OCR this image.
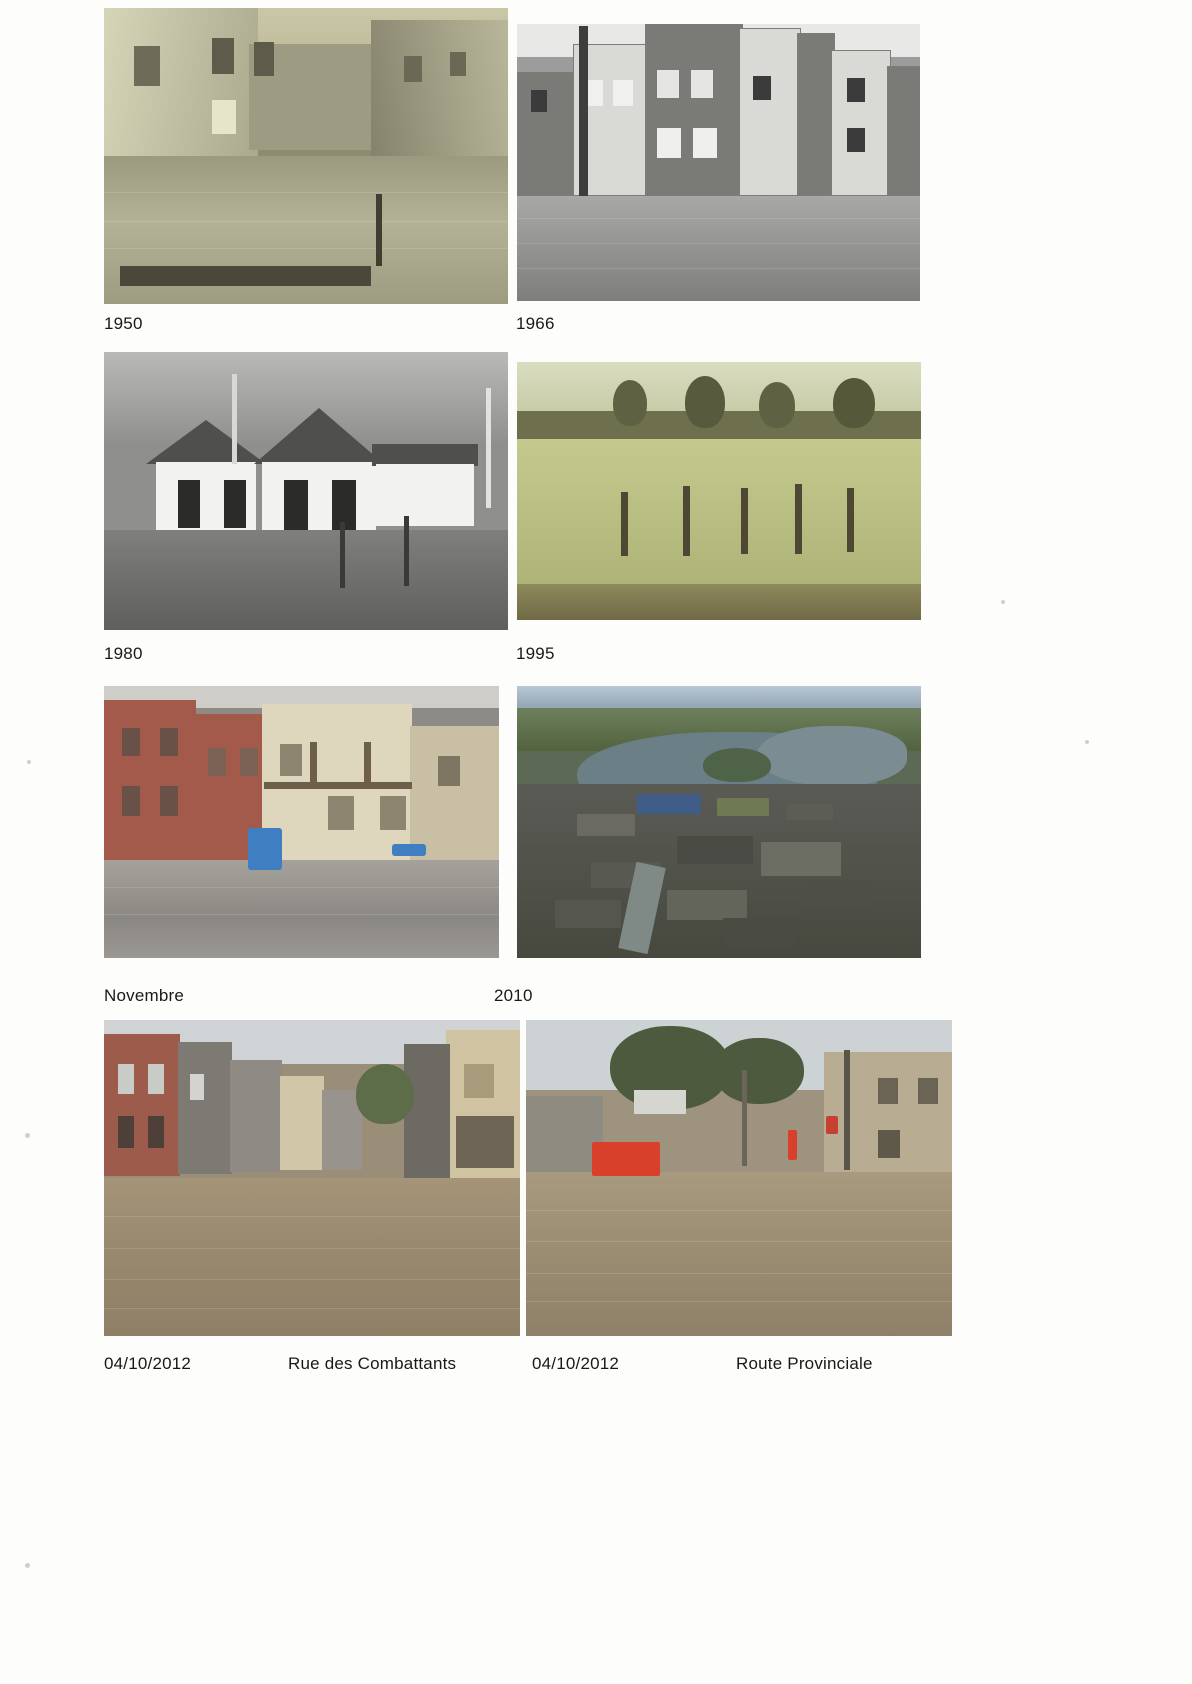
1950	1966
1980	1995
Novembre	2010
04/10/2012	Rue des Combattants	04/10/2012	Route Provinciale
